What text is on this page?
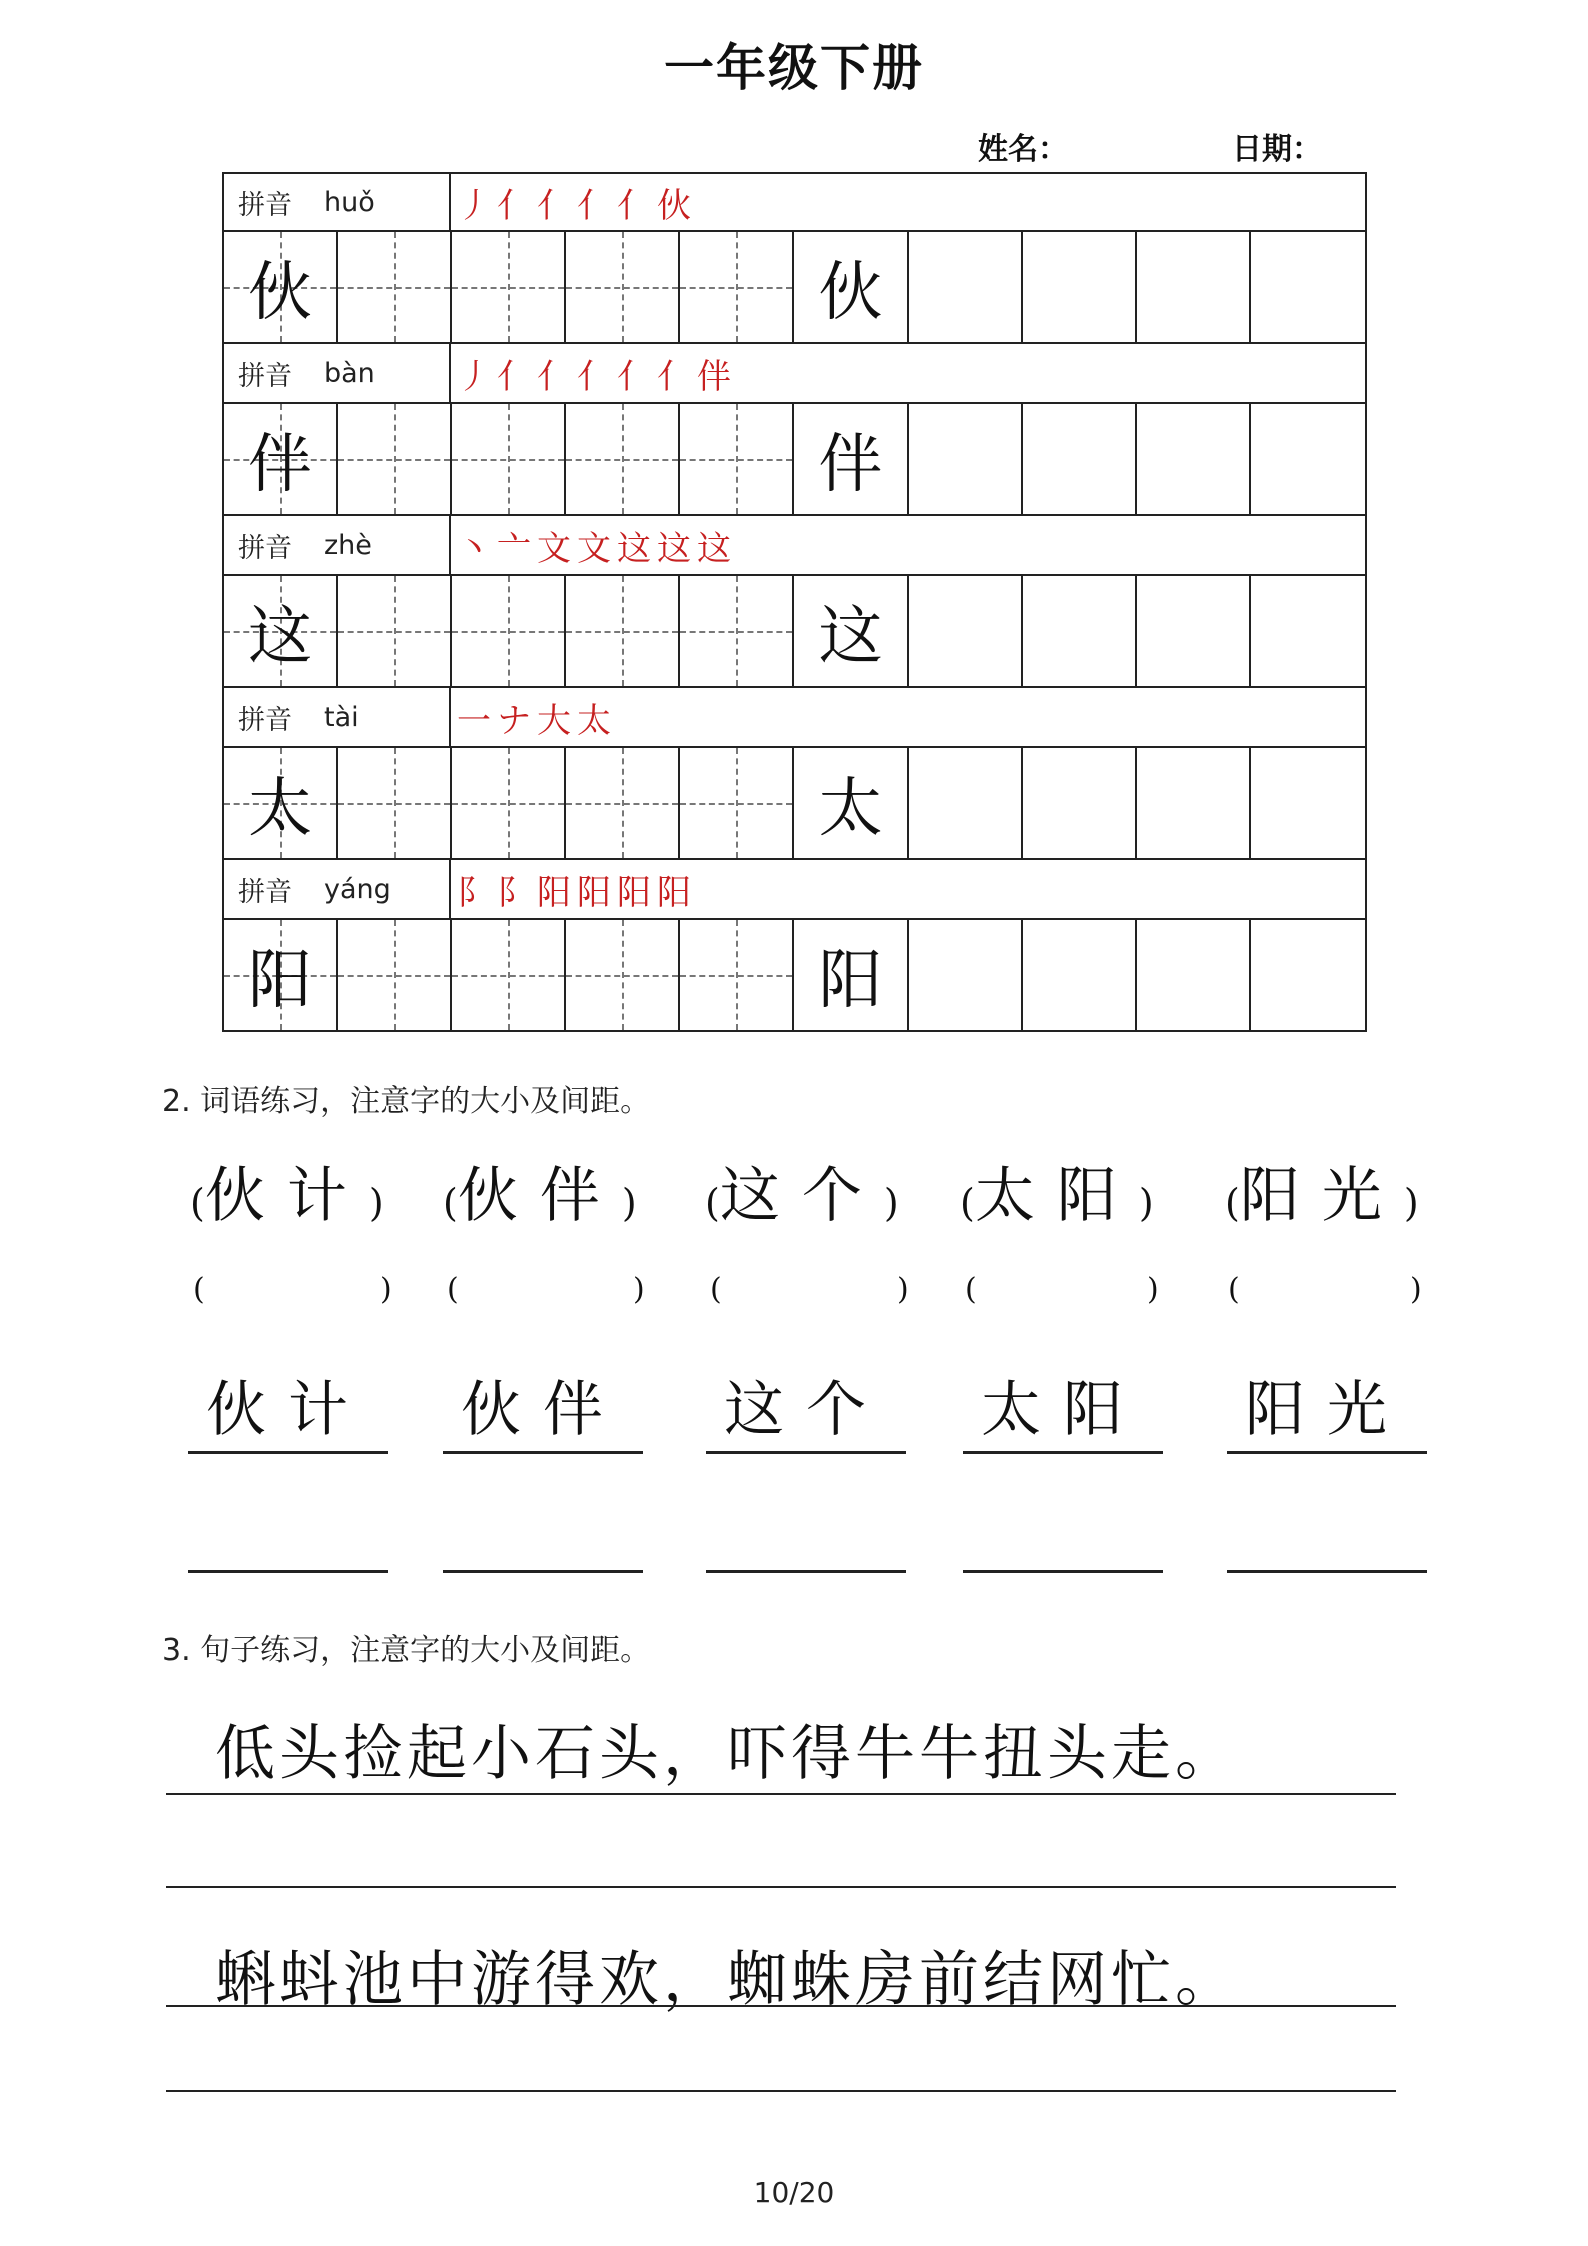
一年级下册
姓名：	日期：
拼音 huǒ 丿亻亻亻亻伙
伙	伙
拼音 bàn 丿亻亻亻亻亻伴
伴	伴
拼音 zhè	丶亠文文这这这
这	这
拼音 tài	一ナ大太
太	太
拼音 yáng 阝阝阳阳阳阳
阳	阳
2. 词语练习，注意字的大小及间距。
(伙计) (伙伴) (这个) (太阳) (阳光)
(	) (	) (	) (	) (	)
伙计	伙伴	这个	太阳	阳光
3. 句子练习，注意字的大小及间距。
低头捡起小石头，吓得牛牛扭头走。
蝌蚪池中游得欢，蜘蛛房前结网忙。
10/20
